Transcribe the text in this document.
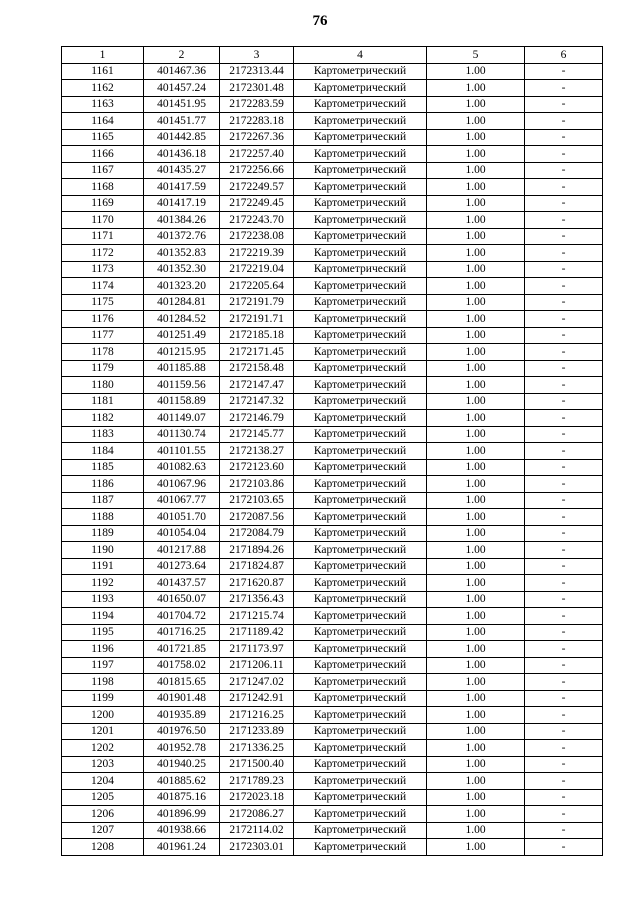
76
1	2	3	4	5	6
1161	401467.36	2172313.44	Картометрический	1.00	-
1162	401457.24	2172301.48	Картометрический	1.00	-
1163	401451.95	2172283.59	Картометрический	1.00	-
1164	401451.77	2172283.18	Картометрический	1.00	-
1165	401442.85	2172267.36	Картометрический	1.00	-
1166	401436.18	2172257.40	Картометрический	1.00	-
1167	401435.27	2172256.66	Картометрический	1.00	-
1168	401417.59	2172249.57	Картометрический	1.00	-
1169	401417.19	2172249.45	Картометрический	1.00	-
1170	401384.26	2172243.70	Картометрический	1.00	-
1171	401372.76	2172238.08	Картометрический	1.00	-
1172	401352.83	2172219.39	Картометрический	1.00	-
1173	401352.30	2172219.04	Картометрический	1.00	-
1174	401323.20	2172205.64	Картометрический	1.00	-
1175	401284.81	2172191.79	Картометрический	1.00	-
1176	401284.52	2172191.71	Картометрический	1.00	-
1177	401251.49	2172185.18	Картометрический	1.00	-
1178	401215.95	2172171.45	Картометрический	1.00	-
1179	401185.88	2172158.48	Картометрический	1.00	-
1180	401159.56	2172147.47	Картометрический	1.00	-
1181	401158.89	2172147.32	Картометрический	1.00	-
1182	401149.07	2172146.79	Картометрический	1.00	-
1183	401130.74	2172145.77	Картометрический	1.00	-
1184	401101.55	2172138.27	Картометрический	1.00	-
1185	401082.63	2172123.60	Картометрический	1.00	-
1186	401067.96	2172103.86	Картометрический	1.00	-
1187	401067.77	2172103.65	Картометрический	1.00	-
1188	401051.70	2172087.56	Картометрический	1.00	-
1189	401054.04	2172084.79	Картометрический	1.00	-
1190	401217.88	2171894.26	Картометрический	1.00	-
1191	401273.64	2171824.87	Картометрический	1.00	-
1192	401437.57	2171620.87	Картометрический	1.00	-
1193	401650.07	2171356.43	Картометрический	1.00	-
1194	401704.72	2171215.74	Картометрический	1.00	-
1195	401716.25	2171189.42	Картометрический	1.00	-
1196	401721.85	2171173.97	Картометрический	1.00	-
1197	401758.02	2171206.11	Картометрический	1.00	-
1198	401815.65	2171247.02	Картометрический	1.00	-
1199	401901.48	2171242.91	Картометрический	1.00	-
1200	401935.89	2171216.25	Картометрический	1.00	-
1201	401976.50	2171233.89	Картометрический	1.00	-
1202	401952.78	2171336.25	Картометрический	1.00	-
1203	401940.25	2171500.40	Картометрический	1.00	-
1204	401885.62	2171789.23	Картометрический	1.00	-
1205	401875.16	2172023.18	Картометрический	1.00	-
1206	401896.99	2172086.27	Картометрический	1.00	-
1207	401938.66	2172114.02	Картометрический	1.00	-
1208	401961.24	2172303.01	Картометрический	1.00	-
